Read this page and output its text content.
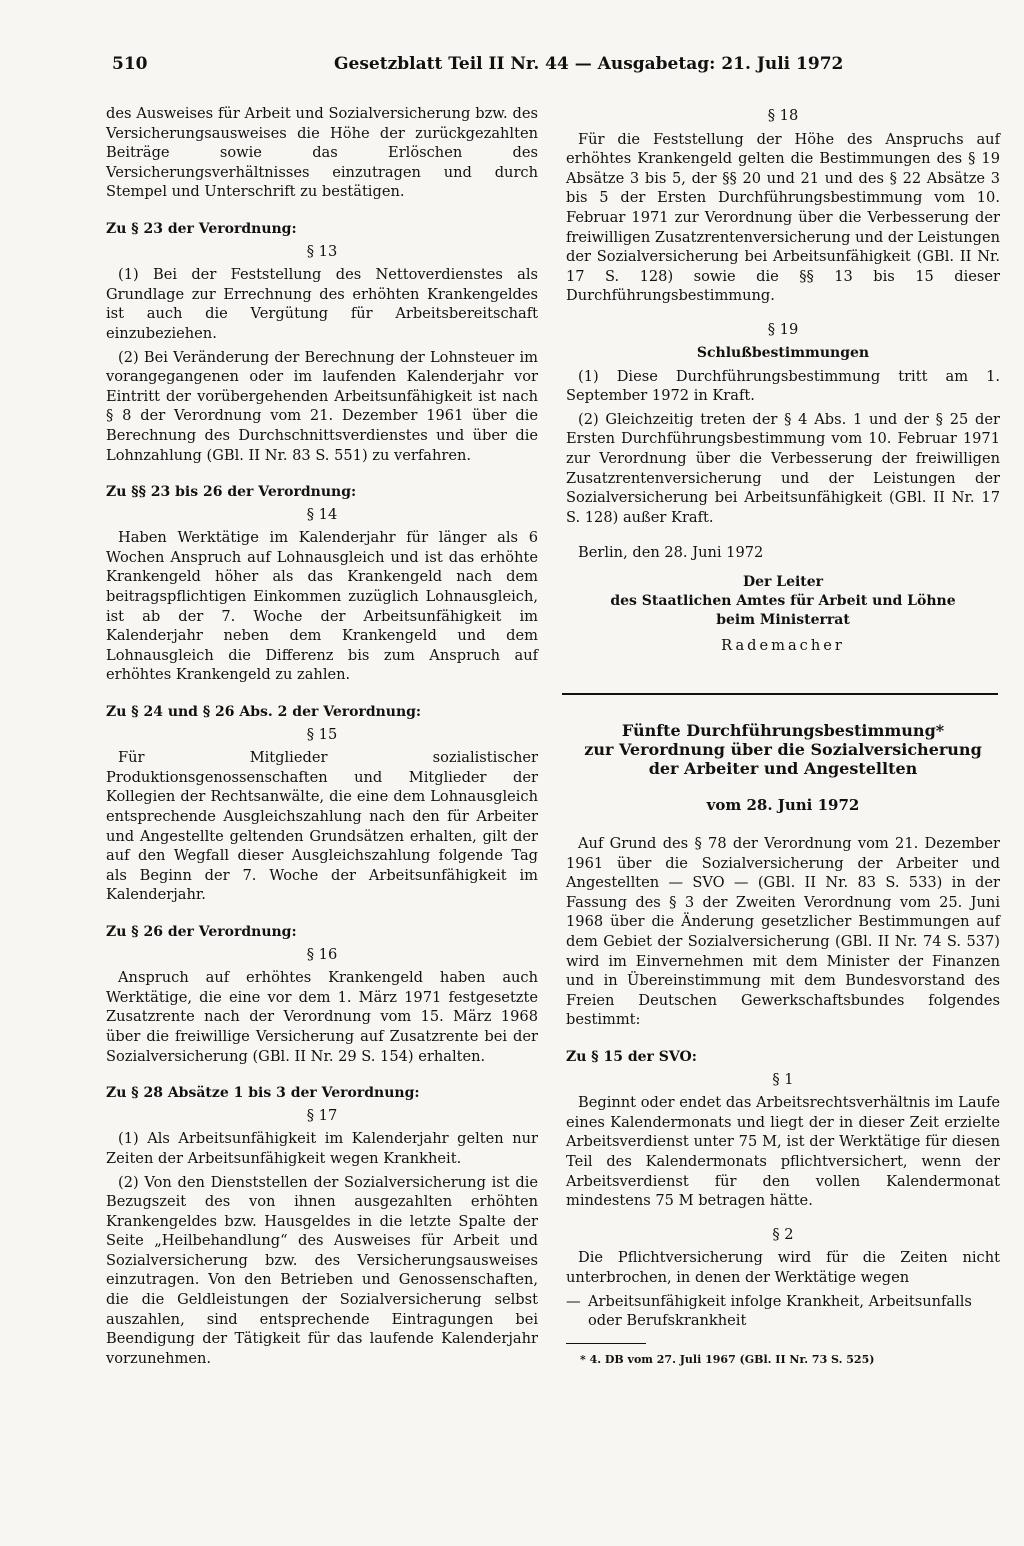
510	Gesetzblatt Teil II Nr. 44 — Ausgabetag: 21. Juli 1972

des Ausweises für Arbeit und Sozialversicherung bzw. des Versicherungsausweises die Höhe der zurückgezahlten Beiträge sowie das Erlöschen des Versicherungsverhältnisses einzutragen und durch Stempel und Unterschrift zu bestätigen.

Zu § 23 der Verordnung:
§ 13

(1) Bei der Feststellung des Nettoverdienstes als Grundlage zur Errechnung des erhöhten Krankengeldes ist auch die Vergütung für Arbeitsbereitschaft einzubeziehen.

(2) Bei Veränderung der Berechnung der Lohnsteuer im vorangegangenen oder im laufenden Kalenderjahr vor Eintritt der vorübergehenden Arbeitsunfähigkeit ist nach § 8 der Verordnung vom 21. Dezember 1961 über die Berechnung des Durchschnittsverdienstes und über die Lohnzahlung (GBl. II Nr. 83 S. 551) zu verfahren.

Zu §§ 23 bis 26 der Verordnung:
§ 14

Haben Werktätige im Kalenderjahr für länger als 6 Wochen Anspruch auf Lohnausgleich und ist das erhöhte Krankengeld höher als das Krankengeld nach dem beitragspflichtigen Einkommen zuzüglich Lohnausgleich, ist ab der 7. Woche der Arbeitsunfähigkeit im Kalenderjahr neben dem Krankengeld und dem Lohnausgleich die Differenz bis zum Anspruch auf erhöhtes Krankengeld zu zahlen.

Zu § 24 und § 26 Abs. 2 der Verordnung:
§ 15

Für Mitglieder sozialistischer Produktionsgenossenschaften und Mitglieder der Kollegien der Rechtsanwälte, die eine dem Lohnausgleich entsprechende Ausgleichszahlung nach den für Arbeiter und Angestellte geltenden Grundsätzen erhalten, gilt der auf den Wegfall dieser Ausgleichszahlung folgende Tag als Beginn der 7. Woche der Arbeitsunfähigkeit im Kalenderjahr.

Zu § 26 der Verordnung:
§ 16

Anspruch auf erhöhtes Krankengeld haben auch Werktätige, die eine vor dem 1. März 1971 festgesetzte Zusatzrente nach der Verordnung vom 15. März 1968 über die freiwillige Versicherung auf Zusatzrente bei der Sozialversicherung (GBl. II Nr. 29 S. 154) erhalten.

Zu § 28 Absätze 1 bis 3 der Verordnung:
§ 17

(1) Als Arbeitsunfähigkeit im Kalenderjahr gelten nur Zeiten der Arbeitsunfähigkeit wegen Krankheit.

(2) Von den Dienststellen der Sozialversicherung ist die Bezugszeit des von ihnen ausgezahlten erhöhten Krankengeldes bzw. Hausgeldes in die letzte Spalte der Seite „Heilbehandlung“ des Ausweises für Arbeit und Sozialversicherung bzw. des Versicherungsausweises einzutragen. Von den Betrieben und Genossenschaften, die die Geldleistungen der Sozialversicherung selbst auszahlen, sind entsprechende Eintragungen bei Beendigung der Tätigkeit für das laufende Kalenderjahr vorzunehmen.

§ 18

Für die Feststellung der Höhe des Anspruchs auf erhöhtes Krankengeld gelten die Bestimmungen des § 19 Absätze 3 bis 5, der §§ 20 und 21 und des § 22 Absätze 3 bis 5 der Ersten Durchführungsbestimmung vom 10. Februar 1971 zur Verordnung über die Verbesserung der freiwilligen Zusatzrentenversicherung und der Leistungen der Sozialversicherung bei Arbeitsunfähigkeit (GBl. II Nr. 17 S. 128) sowie die §§ 13 bis 15 dieser Durchführungsbestimmung.

§ 19
Schlußbestimmungen

(1) Diese Durchführungsbestimmung tritt am 1. September 1972 in Kraft.

(2) Gleichzeitig treten der § 4 Abs. 1 und der § 25 der Ersten Durchführungsbestimmung vom 10. Februar 1971 zur Verordnung über die Verbesserung der freiwilligen Zusatzrentenversicherung und der Leistungen der Sozialversicherung bei Arbeitsunfähigkeit (GBl. II Nr. 17 S. 128) außer Kraft.

Berlin, den 28. Juni 1972

Der Leiter
des Staatlichen Amtes für Arbeit und Löhne
beim Ministerrat
Rademacher
Fünfte Durchführungsbestimmung*
zur Verordnung über die Sozialversicherung
der Arbeiter und Angestellten
vom 28. Juni 1972

Auf Grund des § 78 der Verordnung vom 21. Dezember 1961 über die Sozialversicherung der Arbeiter und Angestellten — SVO — (GBl. II Nr. 83 S. 533) in der Fassung des § 3 der Zweiten Verordnung vom 25. Juni 1968 über die Änderung gesetzlicher Bestimmungen auf dem Gebiet der Sozialversicherung (GBl. II Nr. 74 S. 537) wird im Einvernehmen mit dem Minister der Finanzen und in Übereinstimmung mit dem Bundesvorstand des Freien Deutschen Gewerkschaftsbundes folgendes bestimmt:

Zu § 15 der SVO:
§ 1

Beginnt oder endet das Arbeitsrechtsverhältnis im Laufe eines Kalendermonats und liegt der in dieser Zeit erzielte Arbeitsverdienst unter 75 M, ist der Werktätige für diesen Teil des Kalendermonats pflichtversichert, wenn der Arbeitsverdienst für den vollen Kalendermonat mindestens 75 M betragen hätte.

§ 2

Die Pflichtversicherung wird für die Zeiten nicht unterbrochen, in denen der Werktätige wegen

— Arbeitsunfähigkeit infolge Krankheit, Arbeitsunfalls oder Berufskrankheit
* 4. DB vom 27. Juli 1967 (GBl. II Nr. 73 S. 525)
